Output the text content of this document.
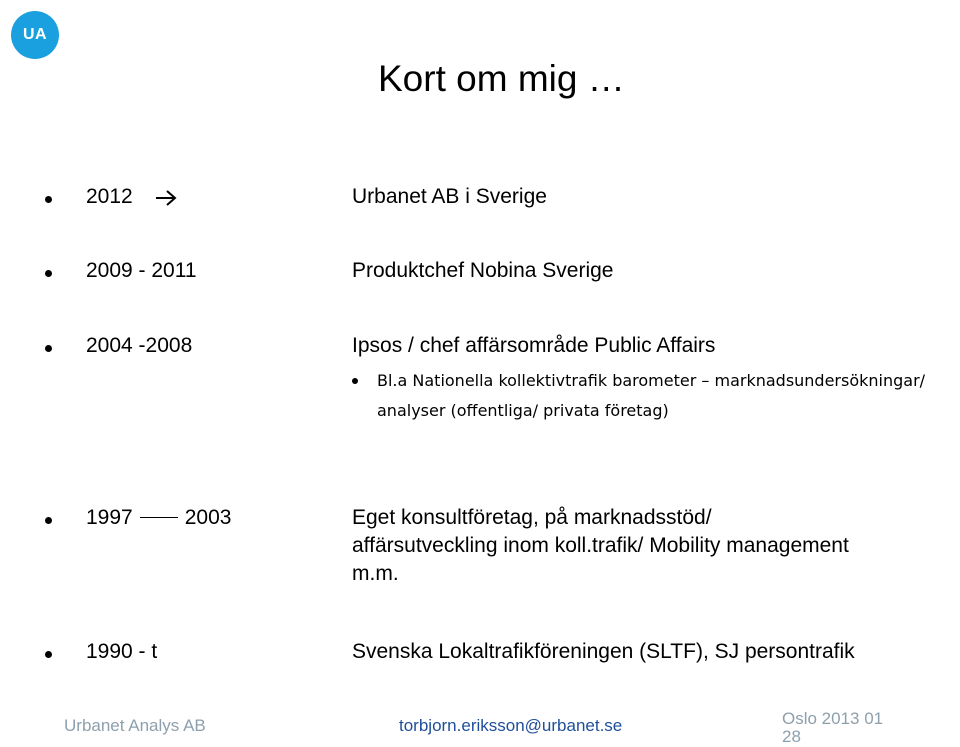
UA
Kort om mig …
2012	Urbanet AB i Sverige
2009 - 2011	Produktchef Nobina Sverige
2004 -2008	Ipsos / chef affärsområde Public Affairs
Bl.a Nationella kollektivtrafik barometer – marknadsundersökningar/ analyser (offentliga/ privata företag)
1997 2003	Eget konsultföretag, på marknadsstöd/
affärsutveckling inom koll.trafik/ Mobility management
m.m.
1990 - t	Svenska Lokaltrafikföreningen (SLTF), SJ persontrafik
Urbanet Analys AB	torbjorn.eriksson@urbanet.se	Oslo 2013 01
28
